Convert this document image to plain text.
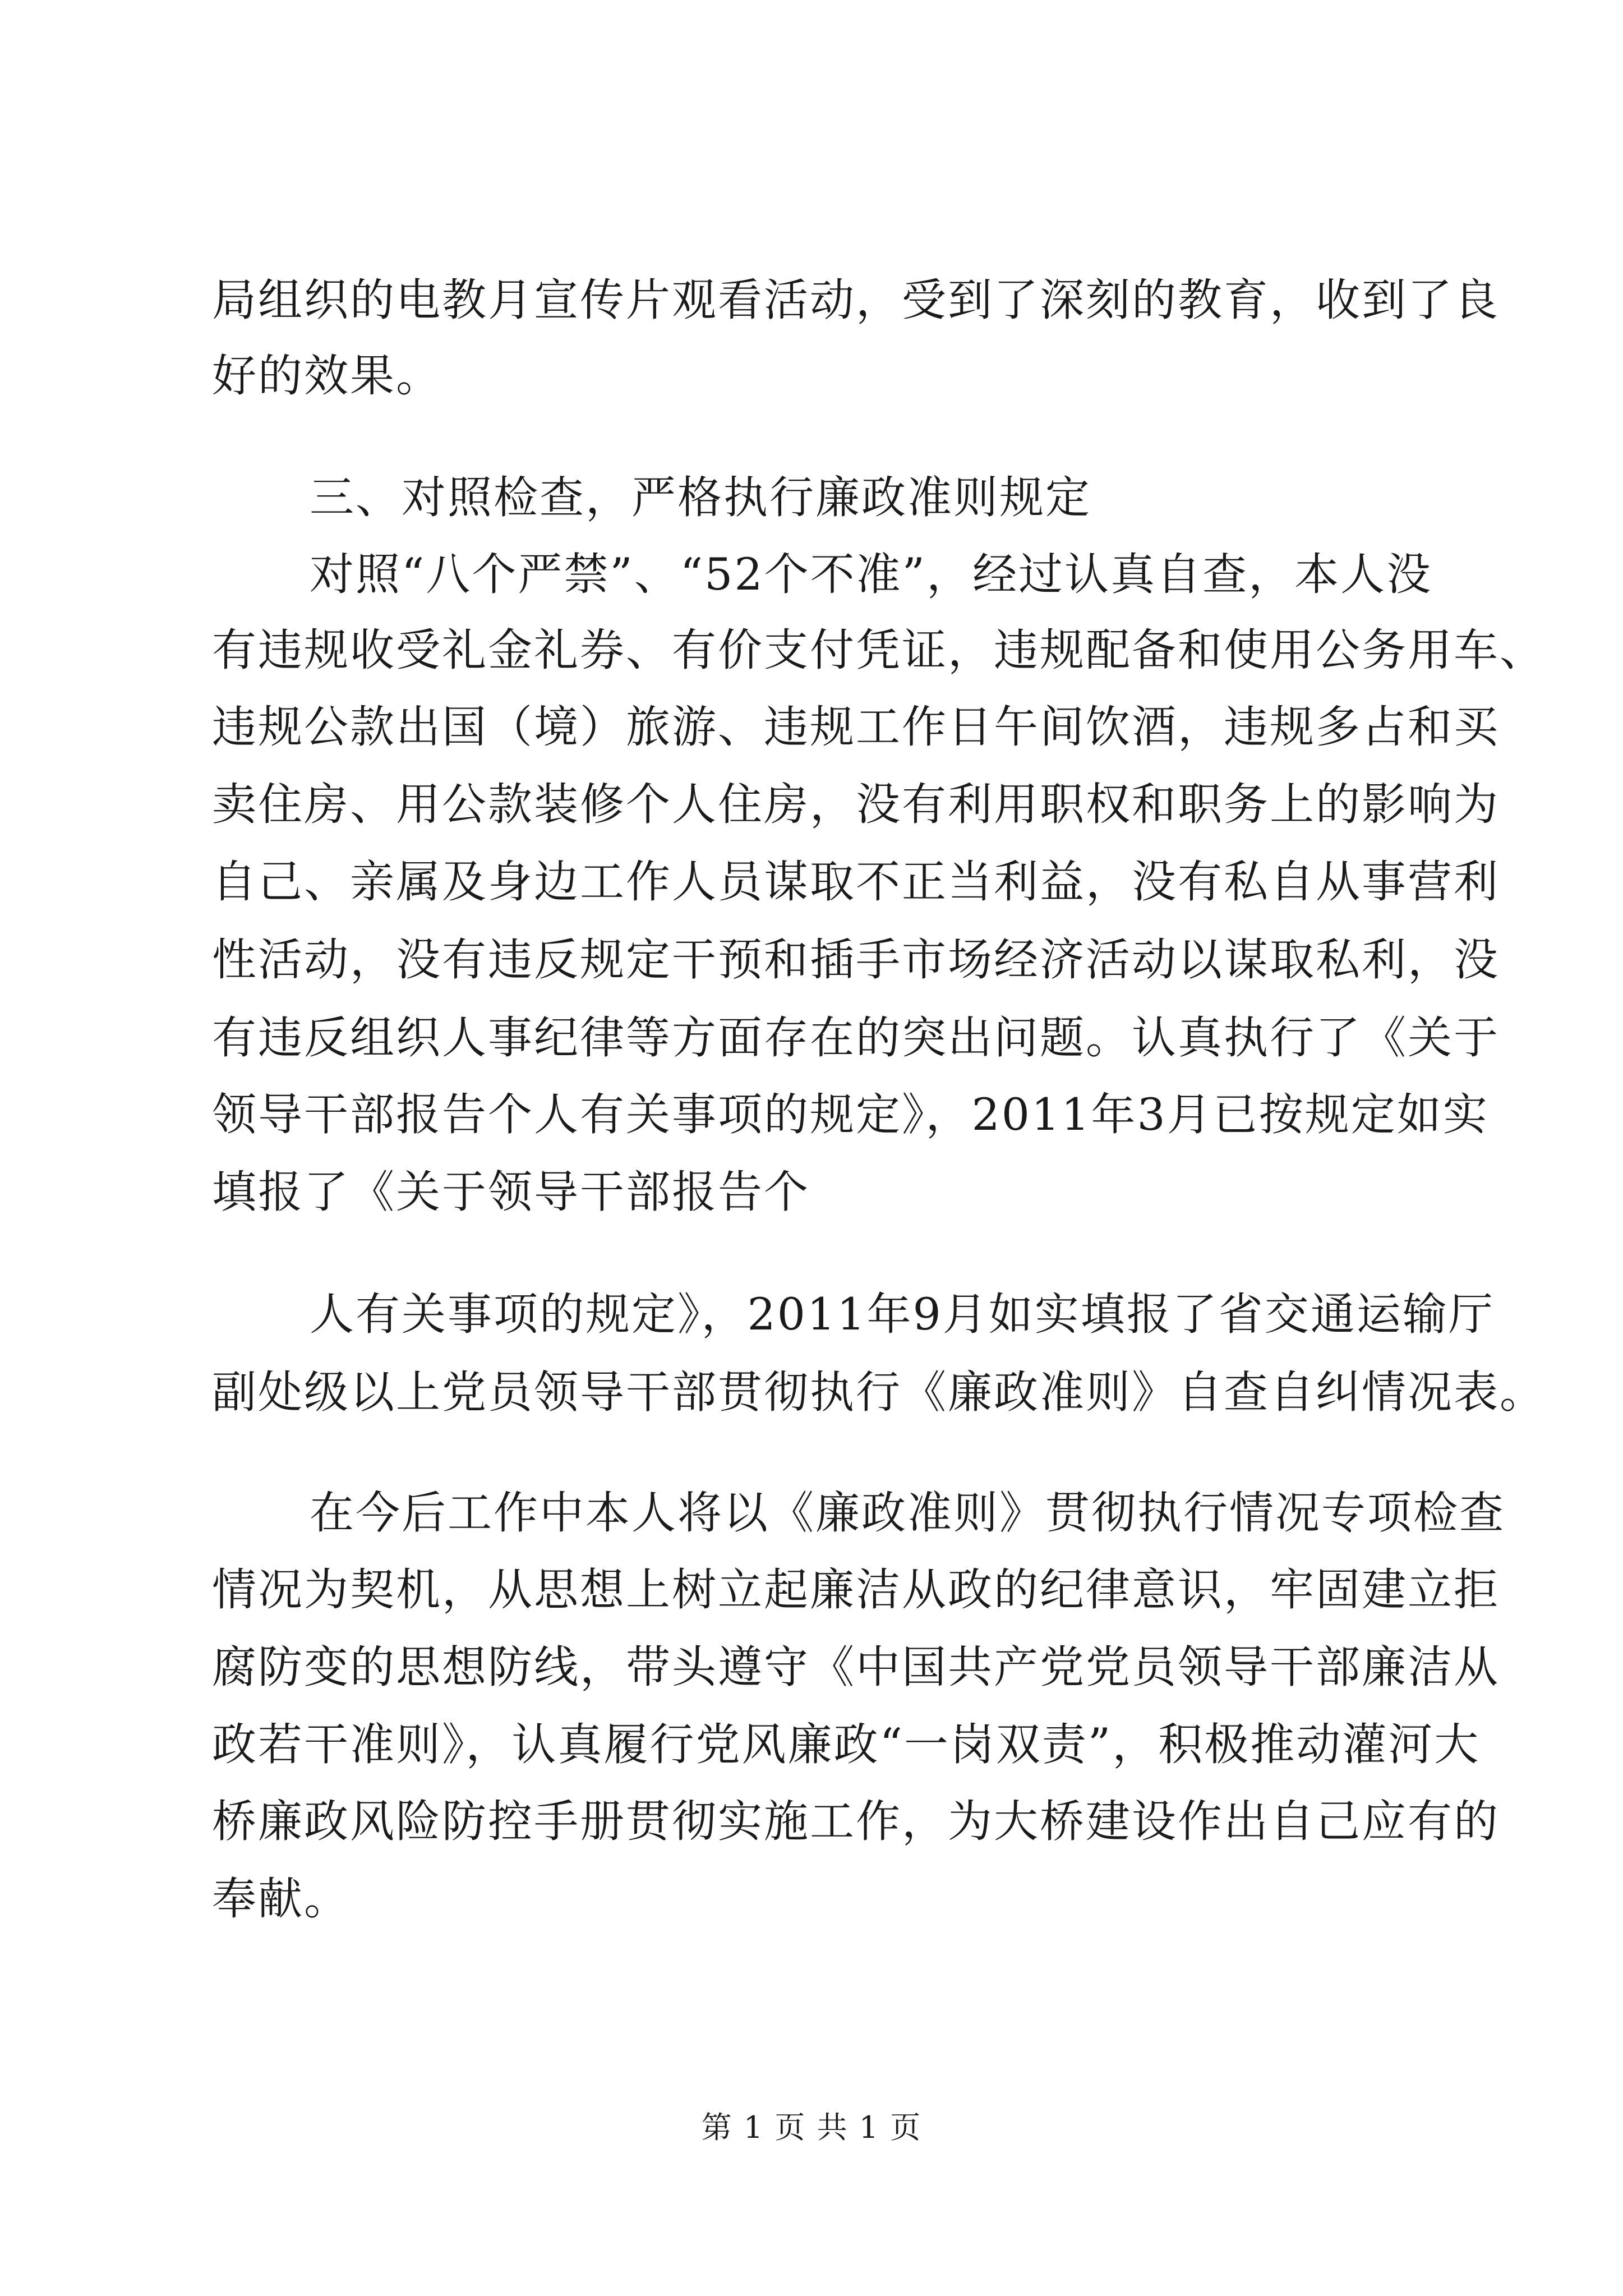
局组织的电教月宣传片观看活动，受到了深刻的教育，收到了良
好的效果。
三、对照检查，严格执行廉政准则规定
对照“八个严禁”、“52个不准”，经过认真自查，本人没
有违规收受礼金礼券、有价支付凭证，违规配备和使用公务用车、
违规公款出国（境）旅游、违规工作日午间饮酒，违规多占和买
卖住房、用公款装修个人住房，没有利用职权和职务上的影响为
自己、亲属及身边工作人员谋取不正当利益，没有私自从事营利
性活动，没有违反规定干预和插手市场经济活动以谋取私利，没
有违反组织人事纪律等方面存在的突出问题。认真执行了《关于
领导干部报告个人有关事项的规定》，2011年3月已按规定如实
填报了《关于领导干部报告个
人有关事项的规定》，2011年9月如实填报了省交通运输厅
副处级以上党员领导干部贯彻执行《廉政准则》自查自纠情况表。
在今后工作中本人将以《廉政准则》贯彻执行情况专项检查
情况为契机，从思想上树立起廉洁从政的纪律意识，牢固建立拒
腐防变的思想防线，带头遵守《中国共产党党员领导干部廉洁从
政若干准则》，认真履行党风廉政“一岗双责”，积极推动灌河大
桥廉政风险防控手册贯彻实施工作，为大桥建设作出自己应有的
奉献。
第 1 页 共 1 页
